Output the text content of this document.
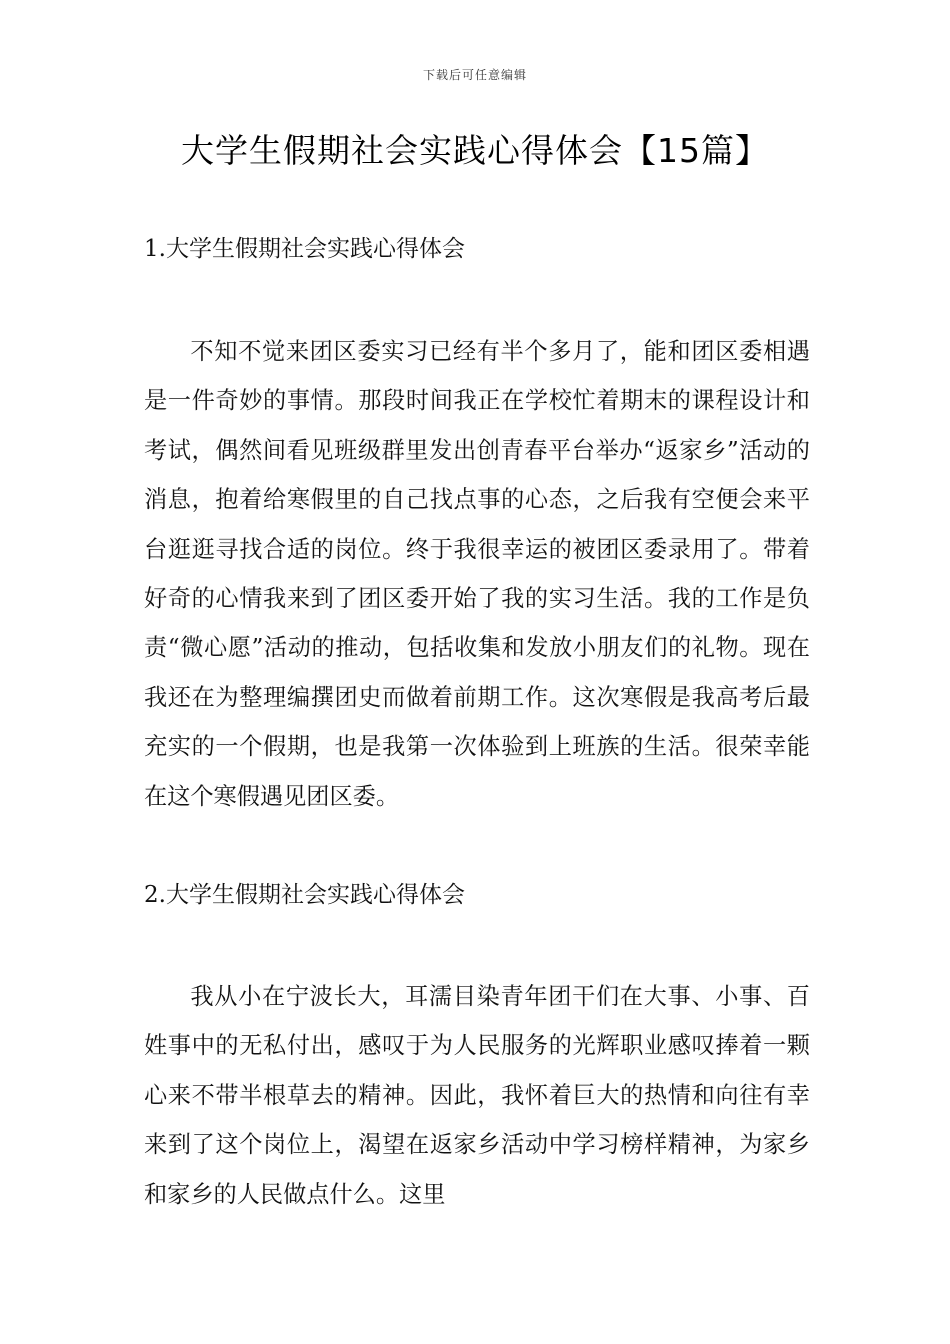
下载后可任意编辑
大学生假期社会实践心得体会【15篇】
1.大学生假期社会实践心得体会

不知不觉来团区委实习已经有半个多月了，能和团区委相遇是一件奇妙的事情。那段时间我正在学校忙着期末的课程设计和考试，偶然间看见班级群里发出创青春平台举办“返家乡”活动的消息，抱着给寒假里的自己找点事的心态，之后我有空便会来平台逛逛寻找合适的岗位。终于我很幸运的被团区委录用了。带着好奇的心情我来到了团区委开始了我的实习生活。我的工作是负责“微心愿”活动的推动，包括收集和发放小朋友们的礼物。现在我还在为整理编撰团史而做着前期工作。这次寒假是我高考后最充实的一个假期，也是我第一次体验到上班族的生活。很荣幸能在这个寒假遇见团区委。

2.大学生假期社会实践心得体会

我从小在宁波长大，耳濡目染青年团干们在大事、小事、百姓事中的无私付出，感叹于为人民服务的光辉职业感叹捧着一颗心来不带半根草去的精神。因此，我怀着巨大的热情和向往有幸来到了这个岗位上，渴望在返家乡活动中学习榜样精神，为家乡和家乡的人民做点什么。这里
